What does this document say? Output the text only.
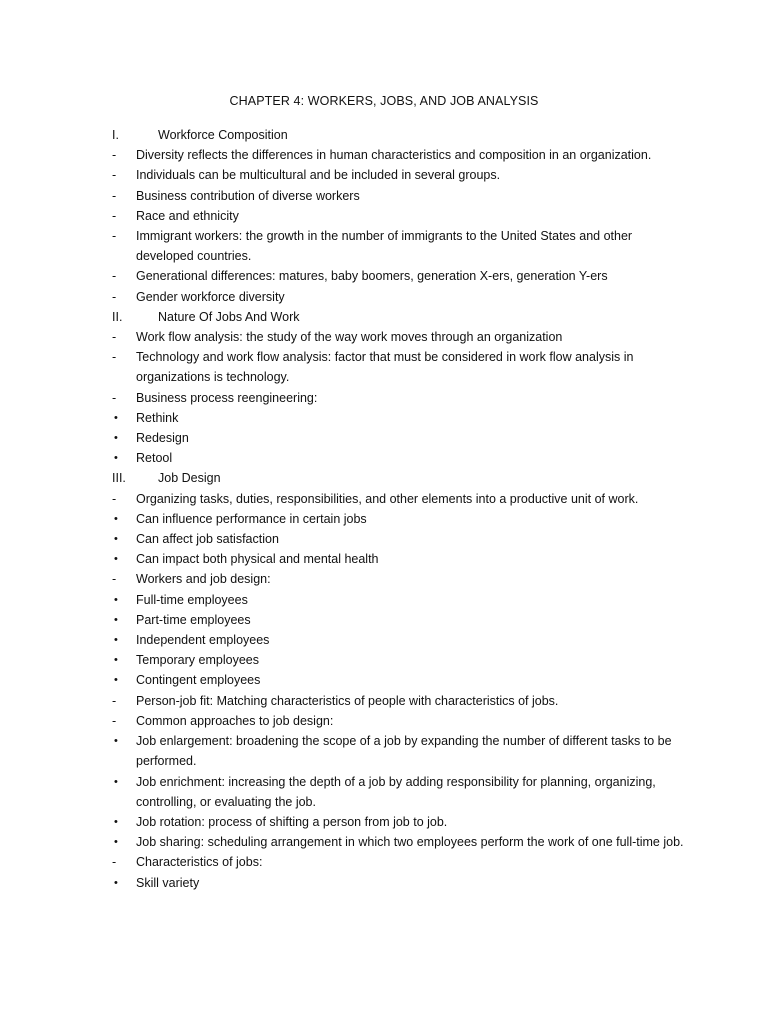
CHAPTER 4: WORKERS, JOBS, AND JOB ANALYSIS
I.	Workforce Composition
-	Diversity reflects the differences in human characteristics and composition in an organization.
-	Individuals can be multicultural and be included in several groups.
-	Business contribution of diverse workers
-	Race and ethnicity
-	Immigrant workers: the growth in the number of immigrants to the United States and other developed countries.
-	Generational differences: matures, baby boomers, generation X-ers, generation Y-ers
-	Gender workforce diversity
II.	Nature Of Jobs And Work
-	Work flow analysis: the study of the way work moves through an organization
-	Technology and work flow analysis: factor that must be considered in work flow analysis in organizations is technology.
-	Business process reengineering:
•	Rethink
•	Redesign
•	Retool
III.	Job Design
-	Organizing tasks, duties, responsibilities, and other elements into a productive unit of work.
•	Can influence performance in certain jobs
•	Can affect job satisfaction
•	Can impact both physical and mental health
-	Workers and job design:
•	Full-time employees
•	Part-time employees
•	Independent employees
•	Temporary employees
•	Contingent employees
-	Person-job fit: Matching characteristics of people with characteristics of jobs.
-	Common approaches to job design:
•	Job enlargement: broadening the scope of a job by expanding the number of different tasks to be performed.
•	Job enrichment: increasing the depth of a job by adding responsibility for planning, organizing, controlling, or evaluating the job.
•	Job rotation: process of shifting a person from job to job.
•	Job sharing: scheduling arrangement in which two employees perform the work of one full-time job.
-	Characteristics of jobs:
•	Skill variety
